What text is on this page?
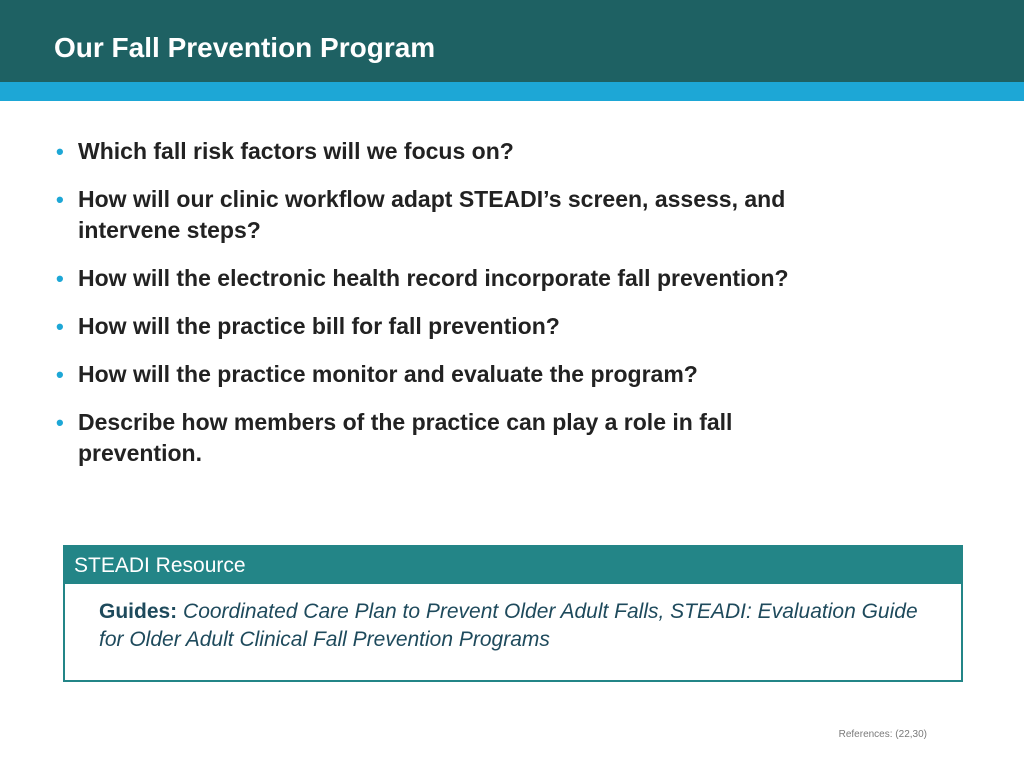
Our Fall Prevention Program
• Which fall risk factors will we focus on?
• How will our clinic workflow adapt STEADI’s screen, assess, and intervene steps?
• How will the electronic health record incorporate fall prevention?
• How will the practice bill for fall prevention?
• How will the practice monitor and evaluate the program?
• Describe how members of the practice can play a role in fall prevention.
STEADI Resource
Guides: Coordinated Care Plan to Prevent Older Adult Falls, STEADI: Evaluation Guide for Older Adult Clinical Fall Prevention Programs
References: (22,30)
